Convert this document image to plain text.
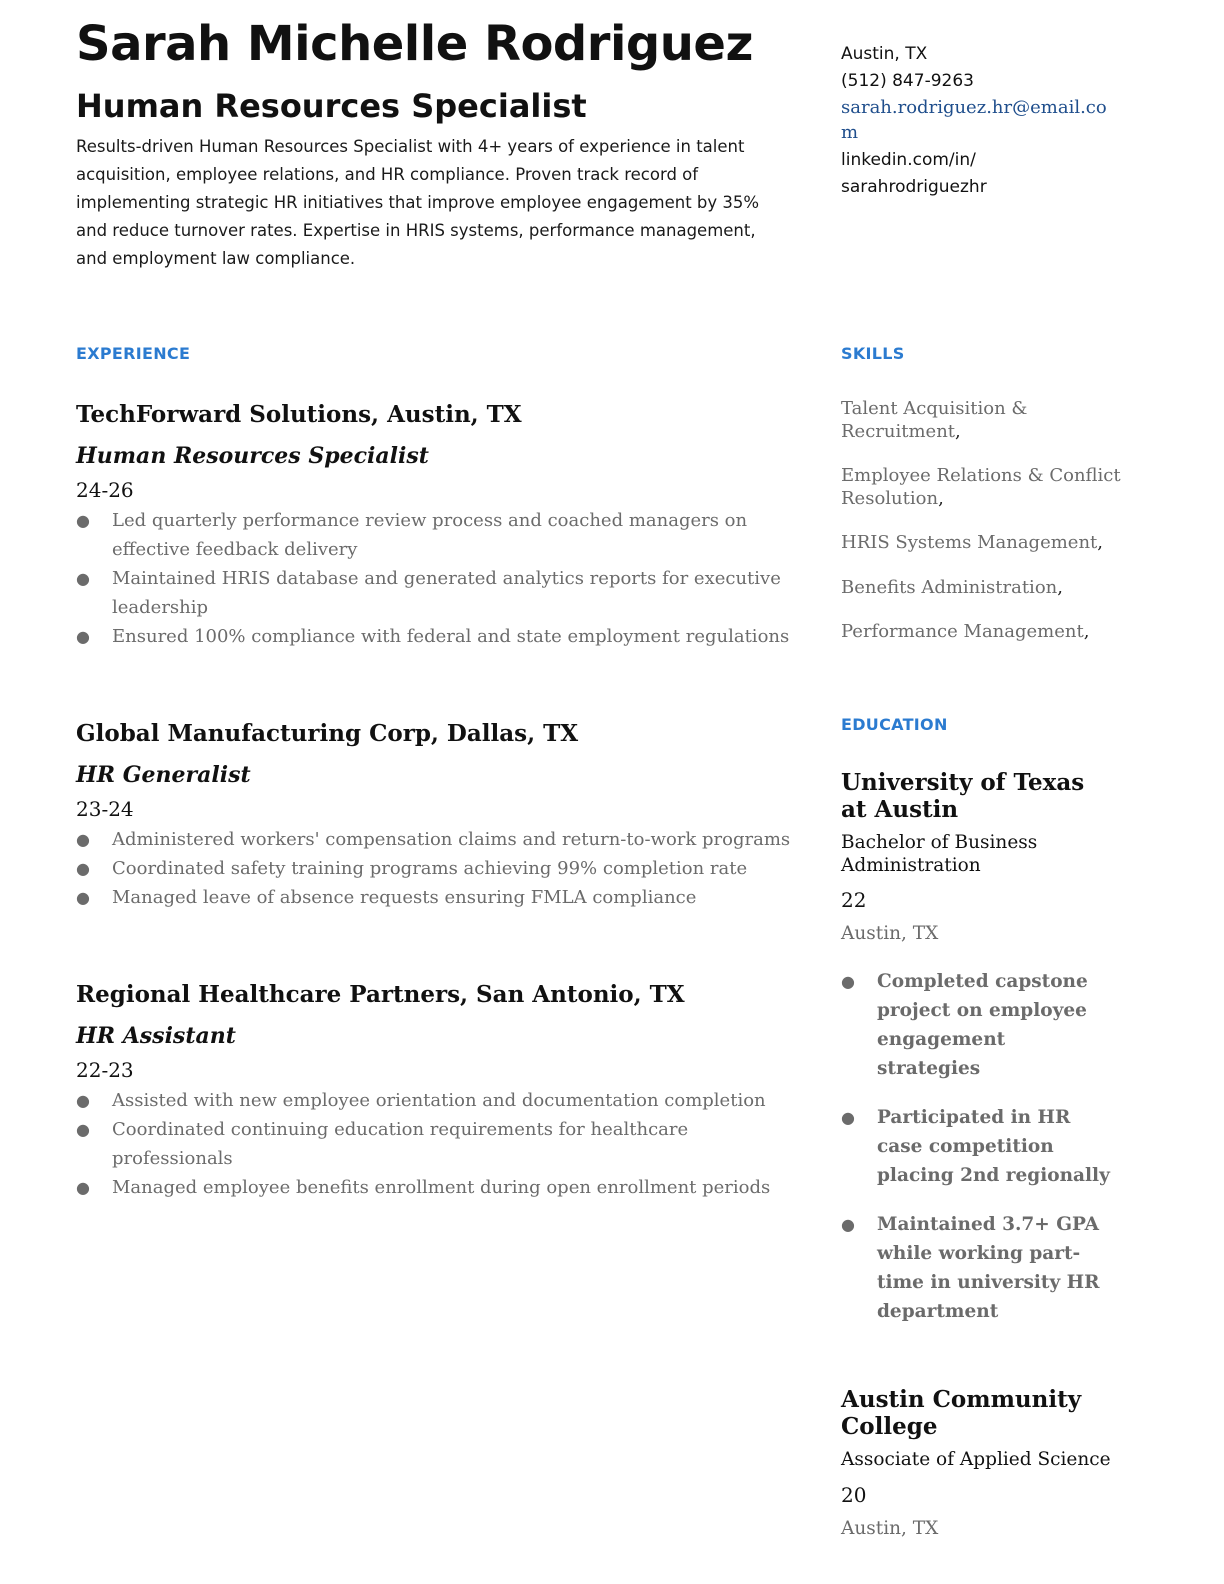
Sarah Michelle Rodriguez
Human Resources Specialist

Results-driven Human Resources Specialist with 4+ years of experience in talent acquisition, employee relations, and HR compliance. Proven track record of implementing strategic HR initiatives that improve employee engagement by 35% and reduce turnover rates. Expertise in HRIS systems, performance management, and employment law compliance.

Austin, TX
(512) 847-9263
sarah.rodriguez.hr@email.com
linkedin.com/in/
sarahrodriguezhr
EXPERIENCE	SKILLS
EDUCATION

TechForward Solutions, Austin, TX

Human Resources Specialist

24-26

● Led quarterly performance review process and coached managers on effective feedback delivery
● Maintained HRIS database and generated analytics reports for executive leadership
● Ensured 100% compliance with federal and state employment regulations

Global Manufacturing Corp, Dallas, TX

HR Generalist

23-24

● Administered workers' compensation claims and return-to-work programs
● Coordinated safety training programs achieving 99% completion rate
● Managed leave of absence requests ensuring FMLA compliance

Regional Healthcare Partners, San Antonio, TX

HR Assistant

22-23

● Assisted with new employee orientation and documentation completion
● Coordinated continuing education requirements for healthcare professionals
● Managed employee benefits enrollment during open enrollment periods
Talent Acquisition & Recruitment,
Employee Relations & Conflict Resolution,
HRIS Systems Management,
Benefits Administration,
Performance Management,

University of Texas at Austin

Bachelor of Business Administration

22

Austin, TX

● Completed capstone project on employee engagement strategies
● Participated in HR case competition placing 2nd regionally
● Maintained 3.7+ GPA while working part-time in university HR department

Austin Community College

Associate of Applied Science

20

Austin, TX
